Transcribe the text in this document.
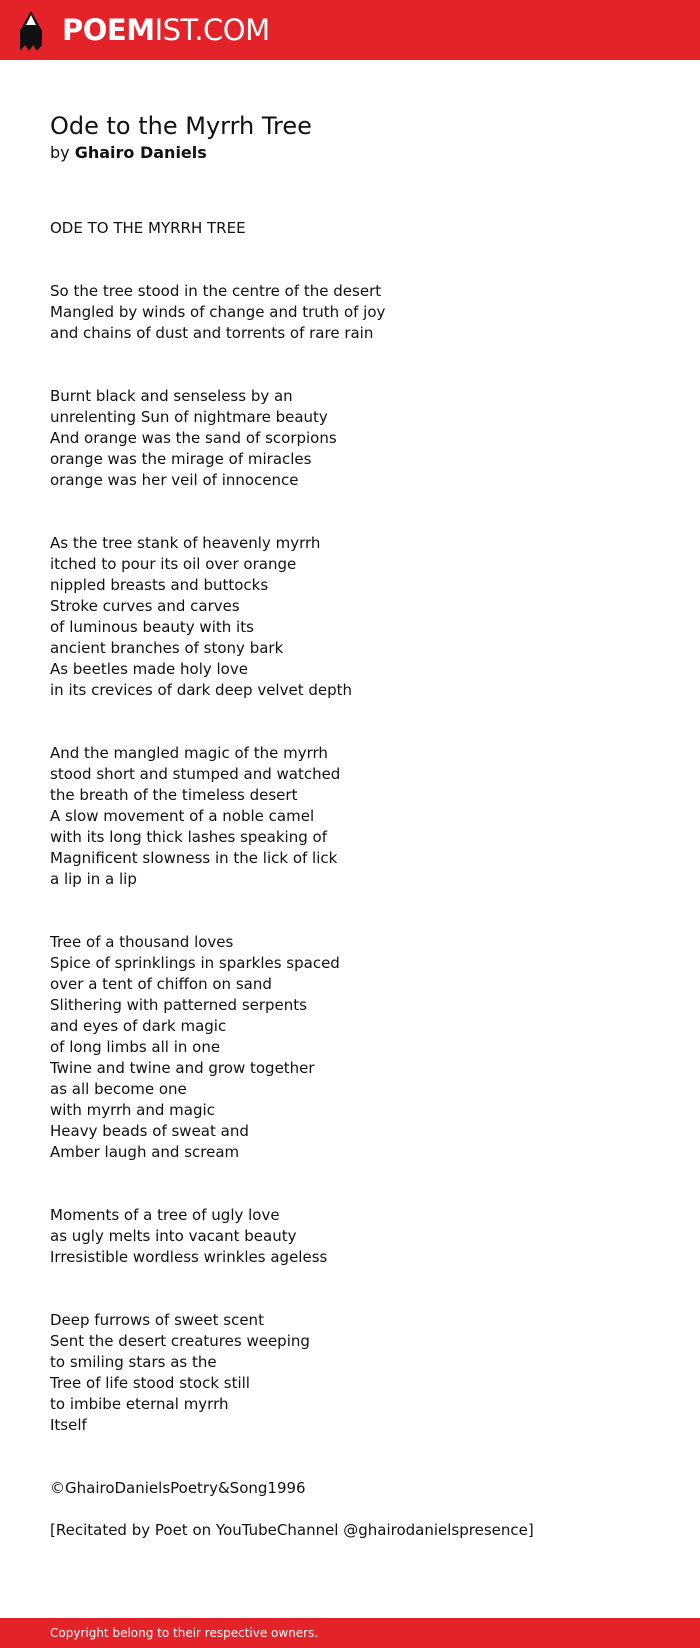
POEMIST.COM
Ode to the Myrrh Tree
by Ghairo Daniels
ODE TO THE MYRRH TREE
So the tree stood in the centre of the desert
Mangled by winds of change and truth of joy
and chains of dust and torrents of rare rain
Burnt black and senseless by an
unrelenting Sun of nightmare beauty
And orange was the sand of scorpions
orange was the mirage of miracles
orange was her veil of innocence
As the tree stank of heavenly myrrh
itched to pour its oil over orange
nippled breasts and buttocks
Stroke curves and carves
of luminous beauty with its
ancient branches of stony bark
As beetles made holy love
in its crevices of dark deep velvet depth
And the mangled magic of the myrrh
stood short and stumped and watched
the breath of the timeless desert
A slow movement of a noble camel
with its long thick lashes speaking of
Magnificent slowness in the lick of lick
a lip in a lip
Tree of a thousand loves
Spice of sprinklings in sparkles spaced
over a tent of chiffon on sand
Slithering with patterned serpents
and eyes of dark magic
of long limbs all in one
Twine and twine and grow together
as all become one
with myrrh and magic
Heavy beads of sweat and
Amber laugh and scream
Moments of a tree of ugly love
as ugly melts into vacant beauty
Irresistible wordless wrinkles ageless
Deep furrows of sweet scent
Sent the desert creatures weeping
to smiling stars as the
Tree of life stood stock still
to imbibe eternal myrrh
Itself
©GhairoDanielsPoetry&Song1996
[Recitated by Poet on YouTubeChannel @ghairodanielspresence]
Copyright belong to their respective owners.
